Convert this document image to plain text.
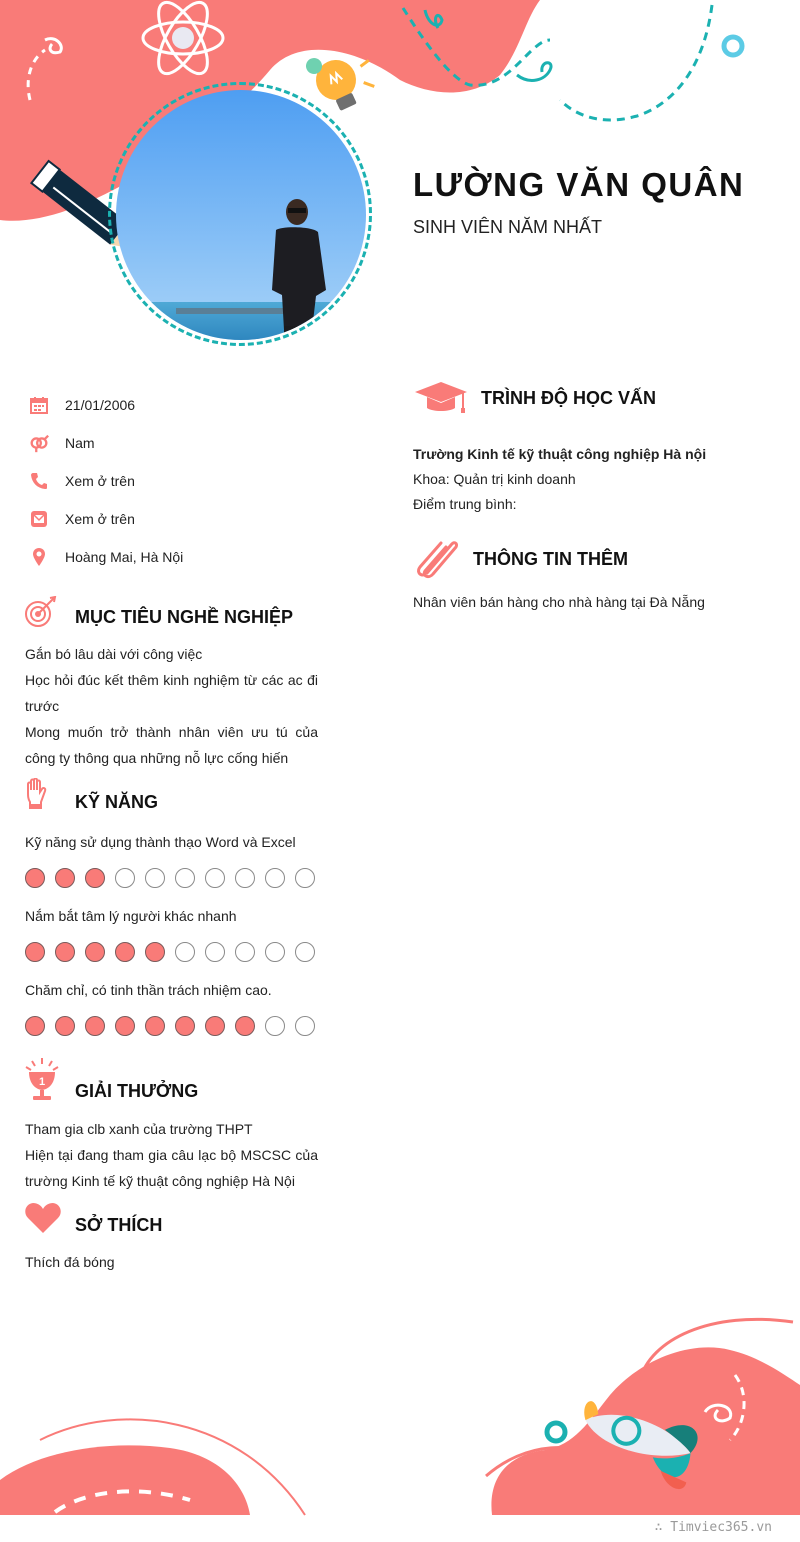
LƯỜNG VĂN QUÂN
SINH VIÊN NĂM NHẤT
21/01/2006
Nam
Xem ở trên
Xem ở trên
Hoàng Mai, Hà Nội
MỤC TIÊU NGHỀ NGHIỆP
Gắn bó lâu dài với công việc
Học hỏi đúc kết thêm kinh nghiệm từ các ac đi trước
Mong muốn trở thành nhân viên ưu tú của công ty thông qua những nỗ lực cống hiến
KỸ NĂNG
Kỹ năng sử dụng thành thạo Word và Excel
Nắm bắt tâm lý người khác nhanh
Chăm chỉ, có tinh thần trách nhiệm cao.
1 GIẢI THƯỞNG
Tham gia clb xanh của trường THPT
Hiện tại đang tham gia câu lạc bộ MSCSC của trường Kinh tế kỹ thuật công nghiệp Hà Nội
SỞ THÍCH
Thích đá bóng
TRÌNH ĐỘ HỌC VẤN
Trường Kinh tế kỹ thuật công nghiệp Hà nội
Khoa: Quản trị kinh doanh
Điểm trung bình:
THÔNG TIN THÊM
Nhân viên bán hàng cho nhà hàng tại Đà Nẵng
∴ Timviec365.vn
